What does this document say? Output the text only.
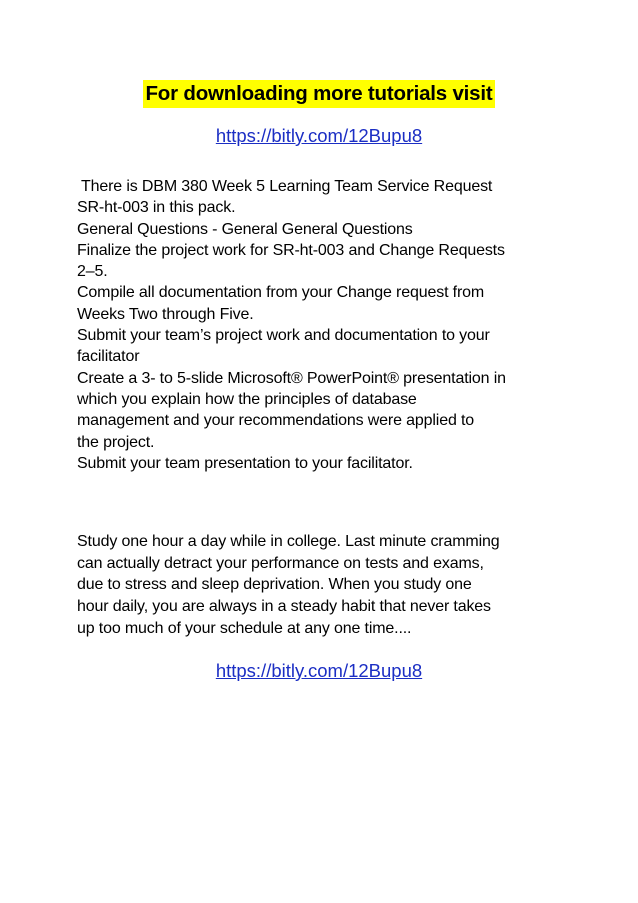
For downloading more tutorials visit
https://bitly.com/12Bupu8
There is DBM 380 Week 5 Learning Team Service Request
SR-ht-003 in this pack.
General Questions - General General Questions
Finalize the project work for SR-ht-003 and Change Requests
2–5.
Compile all documentation from your Change request from
Weeks Two through Five.
Submit your team’s project work and documentation to your
facilitator
Create a 3- to 5-slide Microsoft® PowerPoint® presentation in
which you explain how the principles of database
management and your recommendations were applied to
the project.
Submit your team presentation to your facilitator.
Study one hour a day while in college. Last minute cramming
can actually detract your performance on tests and exams,
due to stress and sleep deprivation. When you study one
hour daily, you are always in a steady habit that never takes
up too much of your schedule at any one time....
https://bitly.com/12Bupu8
